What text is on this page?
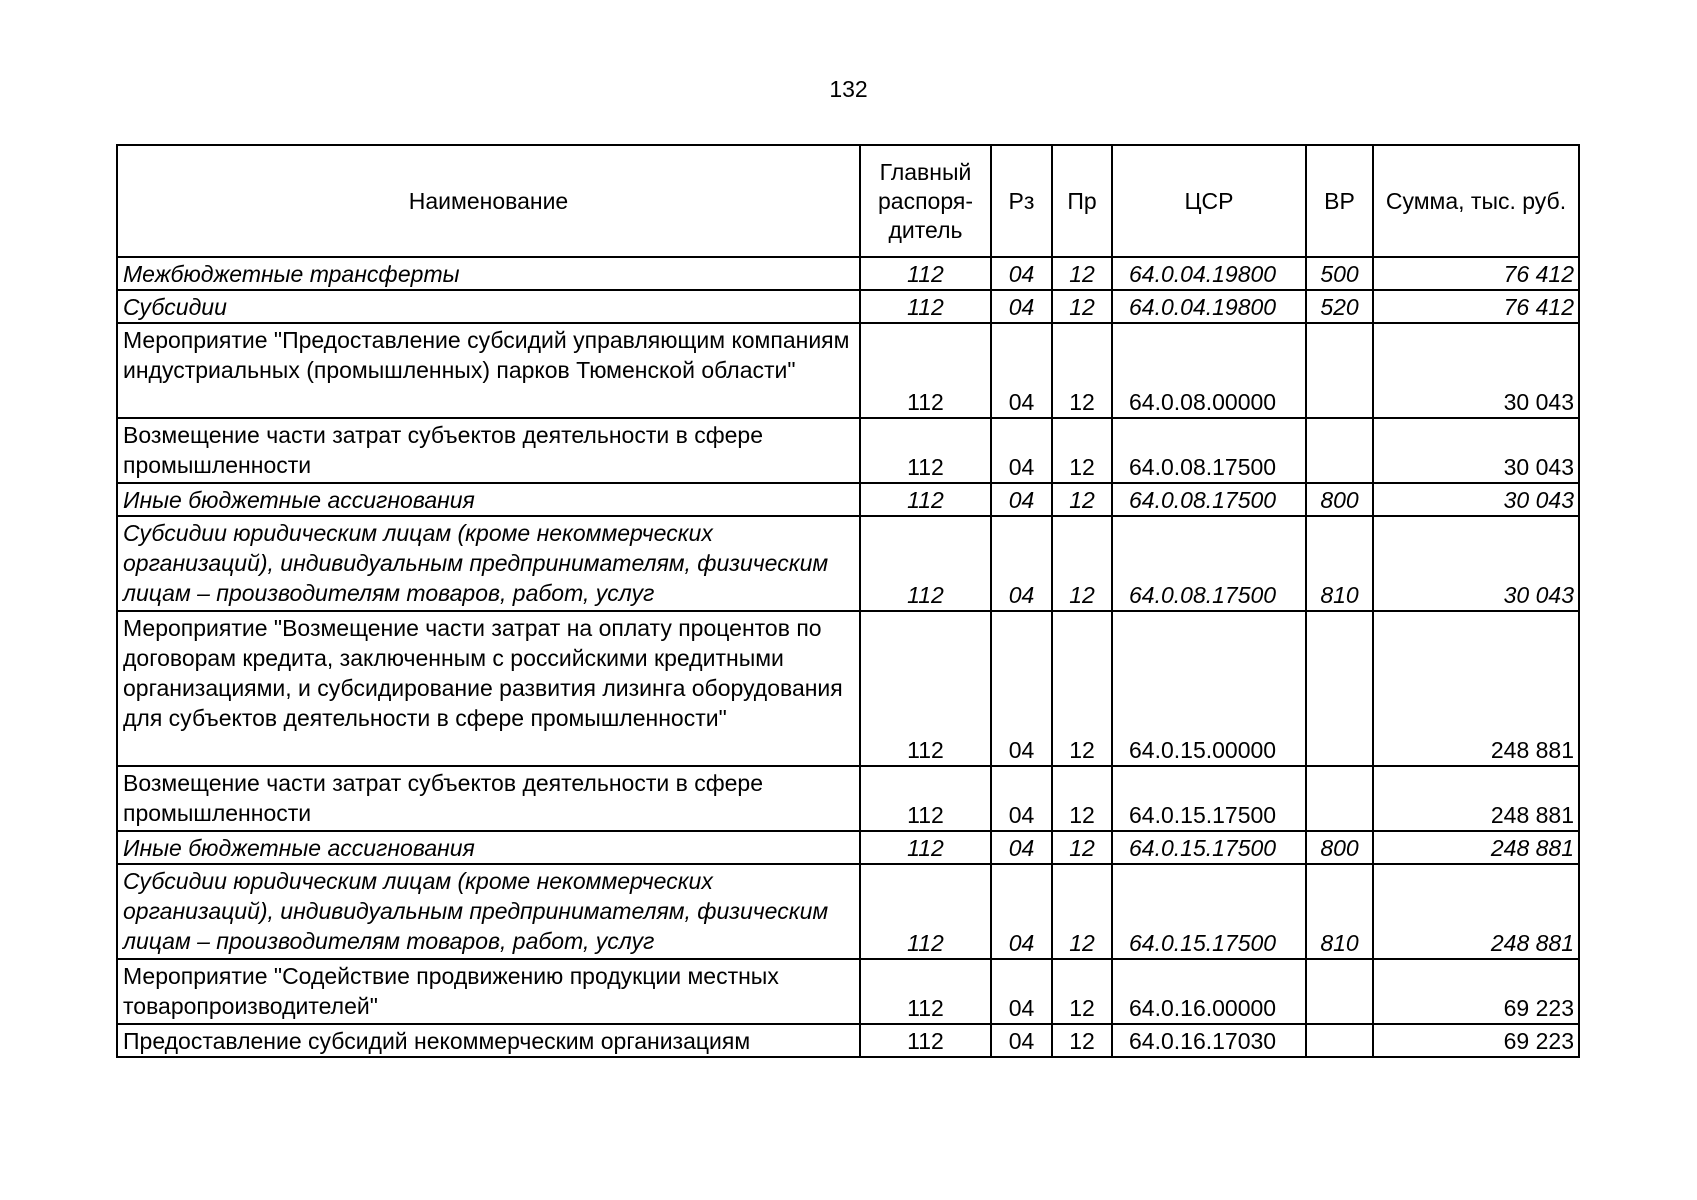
132
Наименование	Главный распоря-дитель	Рз	Пр	ЦСР	ВР	Сумма, тыс. руб.
Межбюджетные трансферты	112	04	12	64.0.04.19800	500	76 412
Субсидии	112	04	12	64.0.04.19800	520	76 412
Мероприятие "Предоставление субсидий управляющим компаниям индустриальных (промышленных) парков Тюменской области"	112	04	12	64.0.08.00000		30 043
Возмещение части затрат субъектов деятельности в сфере промышленности	112	04	12	64.0.08.17500		30 043
Иные бюджетные ассигнования	112	04	12	64.0.08.17500	800	30 043
Субсидии юридическим лицам (кроме некоммерческих организаций), индивидуальным предпринимателям, физическим лицам – производителям товаров, работ, услуг	112	04	12	64.0.08.17500	810	30 043
Мероприятие "Возмещение части затрат на оплату процентов по договорам кредита, заключенным с российскими кредитными организациями, и субсидирование развития лизинга оборудования для субъектов деятельности в сфере промышленности"	112	04	12	64.0.15.00000		248 881
Возмещение части затрат субъектов деятельности в сфере промышленности	112	04	12	64.0.15.17500		248 881
Иные бюджетные ассигнования	112	04	12	64.0.15.17500	800	248 881
Субсидии юридическим лицам (кроме некоммерческих организаций), индивидуальным предпринимателям, физическим лицам – производителям товаров, работ, услуг	112	04	12	64.0.15.17500	810	248 881
Мероприятие "Содействие продвижению продукции местных товаропроизводителей"	112	04	12	64.0.16.00000		69 223
Предоставление субсидий некоммерческим организациям	112	04	12	64.0.16.17030		69 223
